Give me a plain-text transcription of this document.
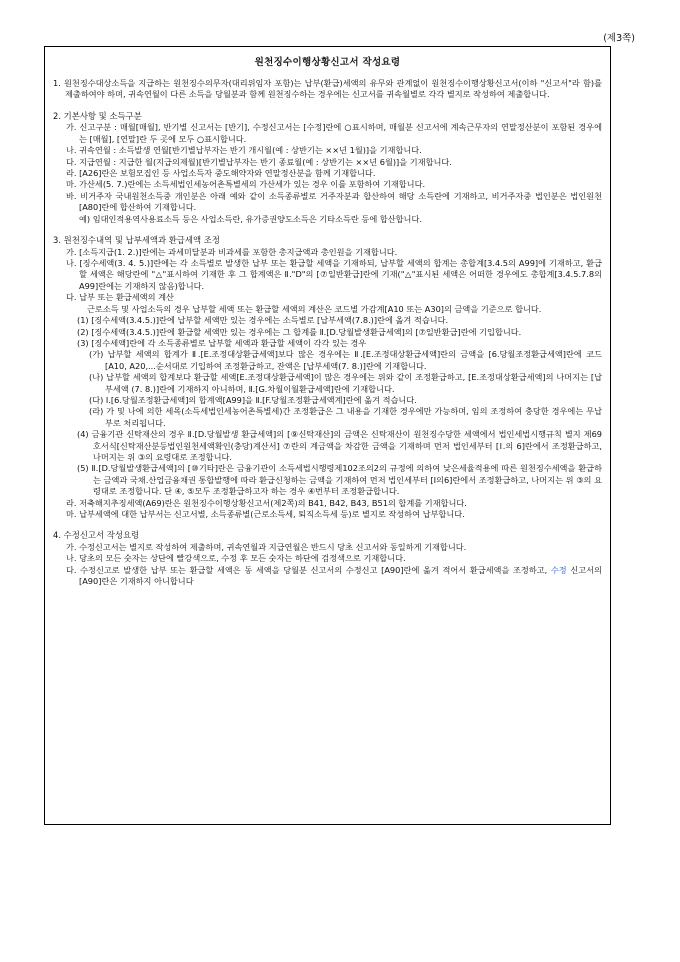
(제3쪽)
원천징수이행상황신고서 작성요령

1. 원천징수대상소득을 지급하는 원천징수의무자(대리위임자 포함)는 납부(환급)세액의 유무와 관계없이 원천징수이행상황신고서(이하 "신고서"라 함)를 제출하여야 하며, 귀속연월이 다른 소득을 당월분과 함께 원천징수하는 경우에는 신고서를 귀속월별로 각각 별지로 작성하여 제출합니다.

2. 기본사항 및 소득구분

가. 신고구분 : 매월[매월], 반기별 신고서는 [반기], 수정신고서는 [수정]란에 ○표시하며, 매월분 신고서에 계속근무자의 연말정산분이 포함된 경우에는 [매월], [연말]란 두 곳에 모두 ○표시합니다.

나. 귀속연월 : 소득발생 연월[반기별납부자는 반기 개시월(예 : 상반기는 ××년 1월)]을 기재합니다.

다. 지급연월 : 지급한 월(지급의제월)[반기별납부자는 반기 종료월(예 : 상반기는 ××년 6월)]을 기재합니다.

라. [A26]란은 보험모집인 등 사업소득자 중도해약자와 연말정산분을 함께 기재합니다.

마. 가산세(5. 7.)란에는 소득세법인세농어촌특별세의 가산세가 있는 경우 이를 포함하여 기재합니다.

바. 비거주자 국내원천소득중 개인분은 아래 예와 같이 소득종류별로 거주자분과 합산하여 해당 소득란에 기재하고, 비거주자중 법인분은 법인원천[A80]란에 합산하여 기재합니다.

예) 임대인적용역사용료소득 등은 사업소득란, 유가증권양도소득은 기타소득란 등에 합산합니다.

3. 원천징수내역 및 납부세액과 환급세액 조정

가. [소득지급(1. 2.)]란에는 과세미달분과 비과세를 포함한 총지급액과 총인원을 기재합니다.

나. [징수세액(3. 4. 5.)]란에는 각 소득별로 발생한 납부 또는 환급할 세액을 기재하되, 납부할 세액의 합계는 총합계[3.4.5의 A99]에 기재하고, 환급할 세액은 해당란에 "△"표시하여 기재한 후 그 합계액은 Ⅱ."D"의 [⑦일반환급]란에 기재("△"표시된 세액은 어떠한 경우에도 총합계[3.4.5.7.8의 A99]란에는 기재하지 않음)합니다.

다. 납부 또는 환급세액의 계산

근로소득 및 사업소득의 경우 납부할 세액 또는 환급할 세액의 계산은 코드별 가감계[A10 또는 A30]의 금액을 기준으로 합니다.

(1) [징수세액(3.4.5.)]란에 납부할 세액만 있는 경우에는 소득별로 [납부세액(7.8.)]란에 옮겨 적습니다.

(2) [징수세액(3.4.5.)]란에 환급할 세액만 있는 경우에는 그 합계를 Ⅱ.[D.당월발생환급세액]의 [⑦일반환급]란에 기입합니다.

(3) [징수세액]란에 각 소득종류별로 납부할 세액과 환급할 세액이 각각 있는 경우

(가) 납부할 세액의 합계가 Ⅱ.[E.조정대상환급세액]보다 많은 경우에는 Ⅱ.[E.조정대상환급세액]란의 금액을 [6.당월조정환급세액]란에 코드[A10, A20,...순서대로 기입하여 조정환급하고, 잔액은 [납부세액(7. 8.)]란에 기재합니다.

(나) 납부할 세액의 합계보다 환급할 세액[E.조정대상환급세액]이 많은 경우에는 위와 같이 조정환급하고, [E.조정대상환급세액]의 나머지는 [납부세액 (7. 8.)]란에 기재하지 아니하며, Ⅱ.[G.차월이월환급세액]란에 기재합니다.

(다) Ⅰ.[6.당월조정환급세액]의 합계액[A99]을 Ⅱ.[F.당월조정환급세액계]란에 옮겨 적습니다.

(라) 가 및 나에 의한 세목(소득세법인세농어촌특별세)간 조정환급은 그 내용을 기재한 경우에만 가능하며, 임의 조정하여 충당한 경우에는 무납부로 처리됩니다.

(4) 금융기관 신탁재산의 경우 Ⅱ.[D.당월발생 환급세액]의 [⑨신탁재산]의 금액은 신탁재산이 원천징수당한 세액에서 법인세법시행규칙 별지 제69호서식[신탁재산분등법인원천세액확인(충당)계산서] ⑦란의 계금액을 차감한 금액을 기재하며 먼저 법인세부터 [Ⅰ.의 6]란에서 조정환급하고, 나머지는 위 ③의 요령대로 조정합니다.

(5) Ⅱ.[D.당월발생환급세액]의 [⑩기타]란은 금융기관이 소득세법시행령제102조의2의 규정에 의하여 낮은세율적용에 따른 원천징수세액을 환급하는 금액과 국채․산업금융채권 통합발행에 따라 환급신청하는 금액을 기재하여 먼저 법인세부터 [Ⅰ의6]란에서 조정환급하고, 나머지는 위 ③의 요령대로 조정합니다. 단 ④, ⑤모두 조정환급하고자 하는 경우 ④번부터 조정환급합니다.

라. 저축해지추징세액(A69)란은 원천징수이행상황신고서(제2쪽)의 B41, B42, B43, B51의 합계를 기재합니다.

마. 납부세액에 대한 납부서는 신고서별, 소득종류별(근로소득세, 퇴직소득세 등)로 별지로 작성하여 납부합니다.

4. 수정신고서 작성요령

가. 수정신고서는 별지로 작성하여 제출하며, 귀속연월과 지급연월은 반드시 당초 신고서와 동일하게 기재합니다.

나. 당초의 모든 숫자는 상단에 빨강색으로, 수정 후 모든 숫자는 하단에 검정색으로 기재합니다.

다. 수정신고로 발생한 납부 또는 환급할 세액은 동 세액을 당월분 신고서의 수정신고 [A90]란에 옮겨 적어서 환급세액을 조정하고, 수정 신고서의 [A90]란은 기재하지 아니합니다
